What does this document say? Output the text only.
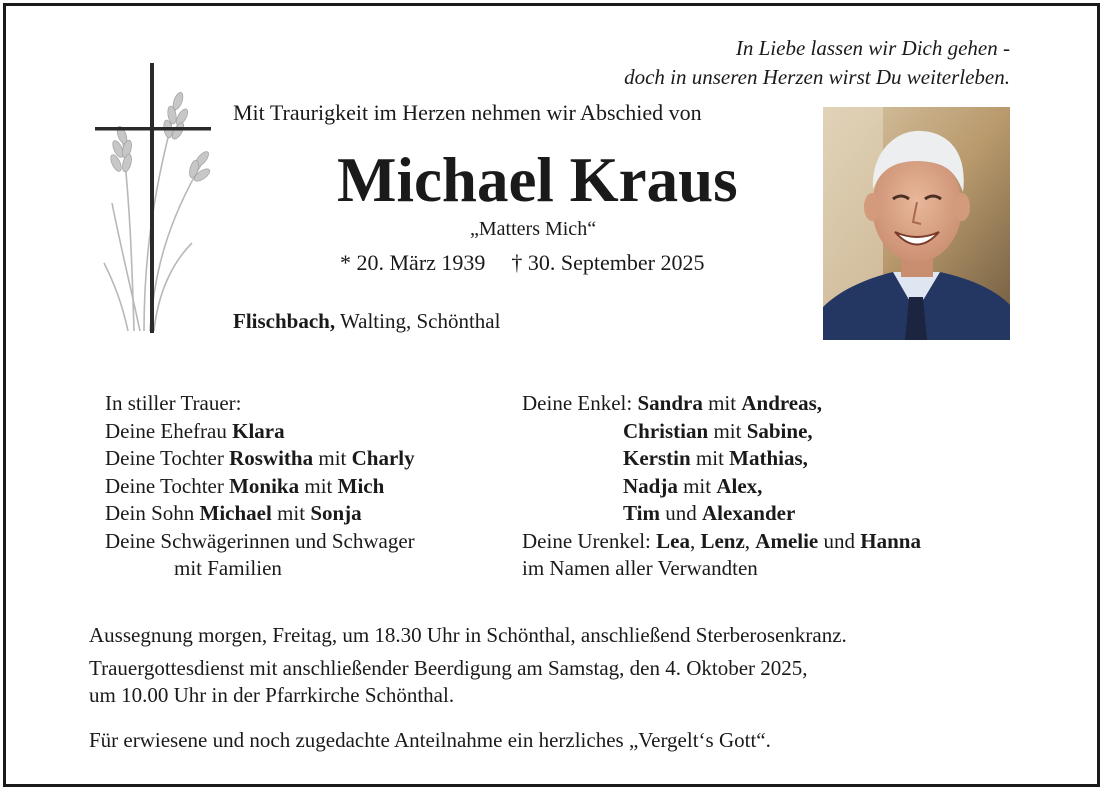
In Liebe lassen wir Dich gehen -
doch in unseren Herzen wirst Du weiterleben.
Mit Traurigkeit im Herzen nehmen wir Abschied von
Michael Kraus
„Matters Mich“
* 20. März 1939 † 30. September 2025
Flischbach, Walting, Schönthal
In stiller Trauer:
Deine Ehefrau Klara
Deine Tochter Roswitha mit Charly
Deine Tochter Monika mit Mich
Dein Sohn Michael mit Sonja
Deine Schwägerinnen und Schwager
mit Familien
Deine Enkel: Sandra mit Andreas,
Christian mit Sabine,
Kerstin mit Mathias,
Nadja mit Alex,
Tim und Alexander
Deine Urenkel: Lea, Lenz, Amelie und Hanna
im Namen aller Verwandten
Aussegnung morgen, Freitag, um 18.30 Uhr in Schönthal, anschließend Sterberosenkranz.
Trauergottesdienst mit anschließender Beerdigung am Samstag, den 4. Oktober 2025,
um 10.00 Uhr in der Pfarrkirche Schönthal.
Für erwiesene und noch zugedachte Anteilnahme ein herzliches „Vergelt‘s Gott“.
